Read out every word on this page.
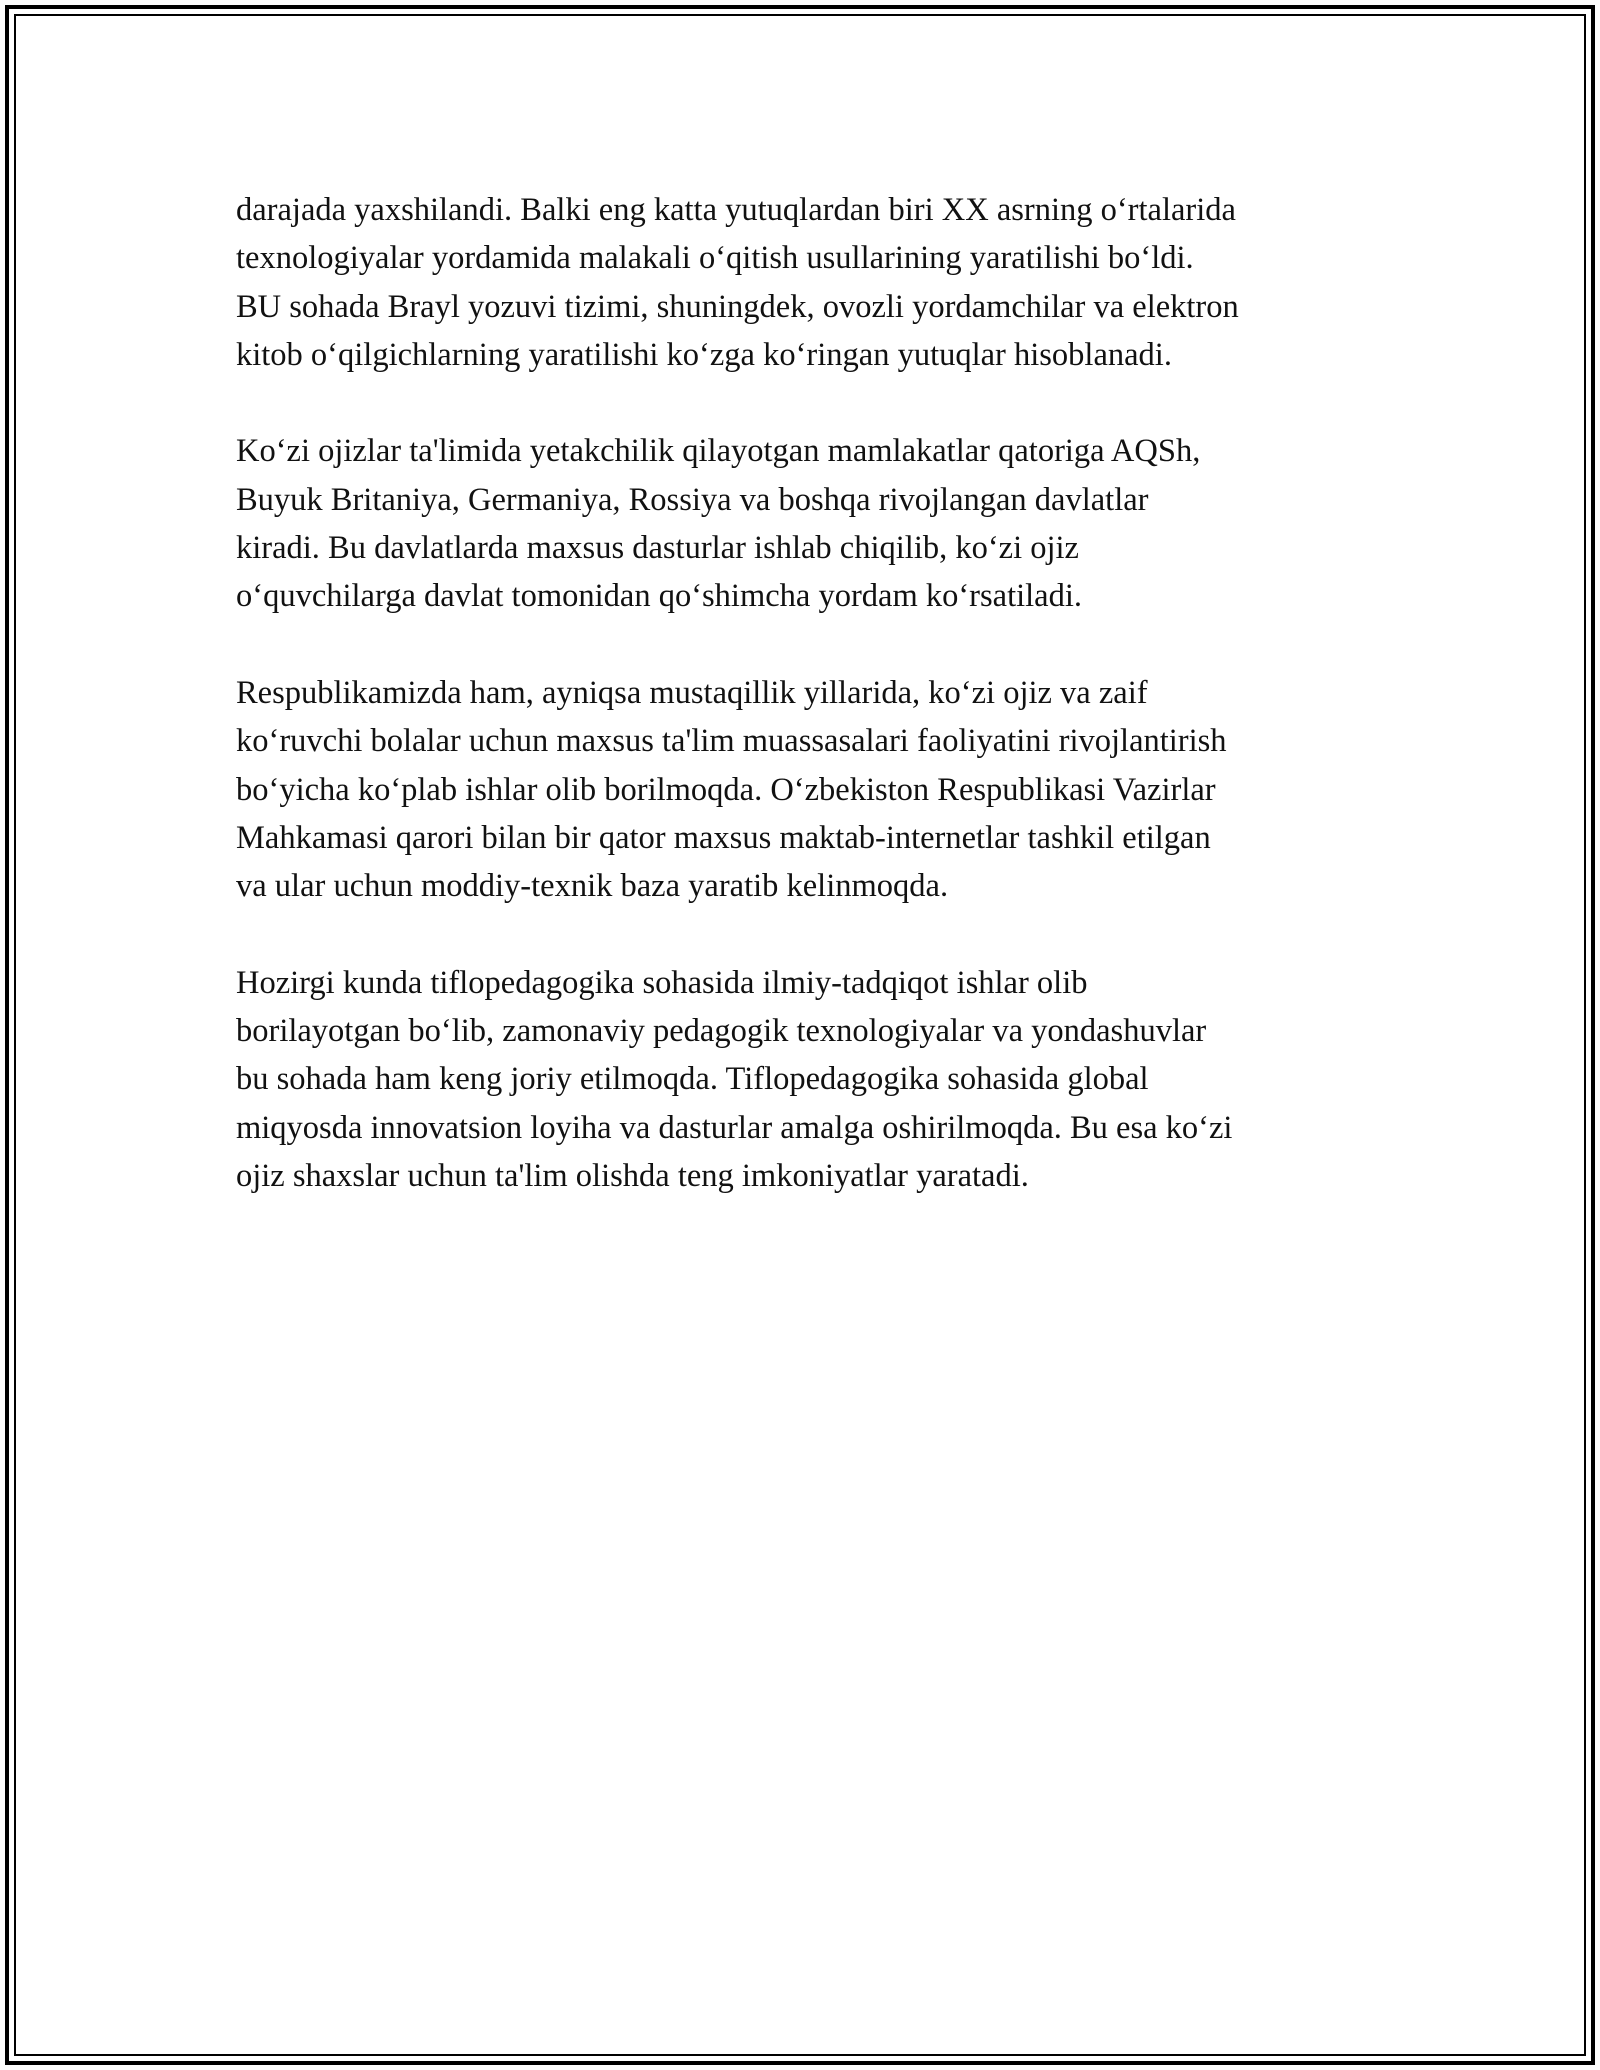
darajada yaxshilandi. Balki eng katta yutuqlardan biri XX asrning o‘rtalarida
texnologiyalar yordamida malakali o‘qitish usullarining yaratilishi bo‘ldi.
BU sohada Brayl yozuvi tizimi, shuningdek, ovozli yordamchilar va elektron
kitob o‘qilgichlarning yaratilishi ko‘zga ko‘ringan yutuqlar hisoblanadi.

Ko‘zi ojizlar ta'limida yetakchilik qilayotgan mamlakatlar qatoriga AQSh,
Buyuk Britaniya, Germaniya, Rossiya va boshqa rivojlangan davlatlar
kiradi. Bu davlatlarda maxsus dasturlar ishlab chiqilib, ko‘zi ojiz
o‘quvchilarga davlat tomonidan qo‘shimcha yordam ko‘rsatiladi.

Respublikamizda ham, ayniqsa mustaqillik yillarida, ko‘zi ojiz va zaif
ko‘ruvchi bolalar uchun maxsus ta'lim muassasalari faoliyatini rivojlantirish
bo‘yicha ko‘plab ishlar olib borilmoqda. O‘zbekiston Respublikasi Vazirlar
Mahkamasi qarori bilan bir qator maxsus maktab-internetlar tashkil etilgan
va ular uchun moddiy-texnik baza yaratib kelinmoqda.

Hozirgi kunda tiflopedagogika sohasida ilmiy-tadqiqot ishlar olib
borilayotgan bo‘lib, zamonaviy pedagogik texnologiyalar va yondashuvlar
bu sohada ham keng joriy etilmoqda. Tiflopedagogika sohasida global
miqyosda innovatsion loyiha va dasturlar amalga oshirilmoqda. Bu esa ko‘zi
ojiz shaxslar uchun ta'lim olishda teng imkoniyatlar yaratadi.
